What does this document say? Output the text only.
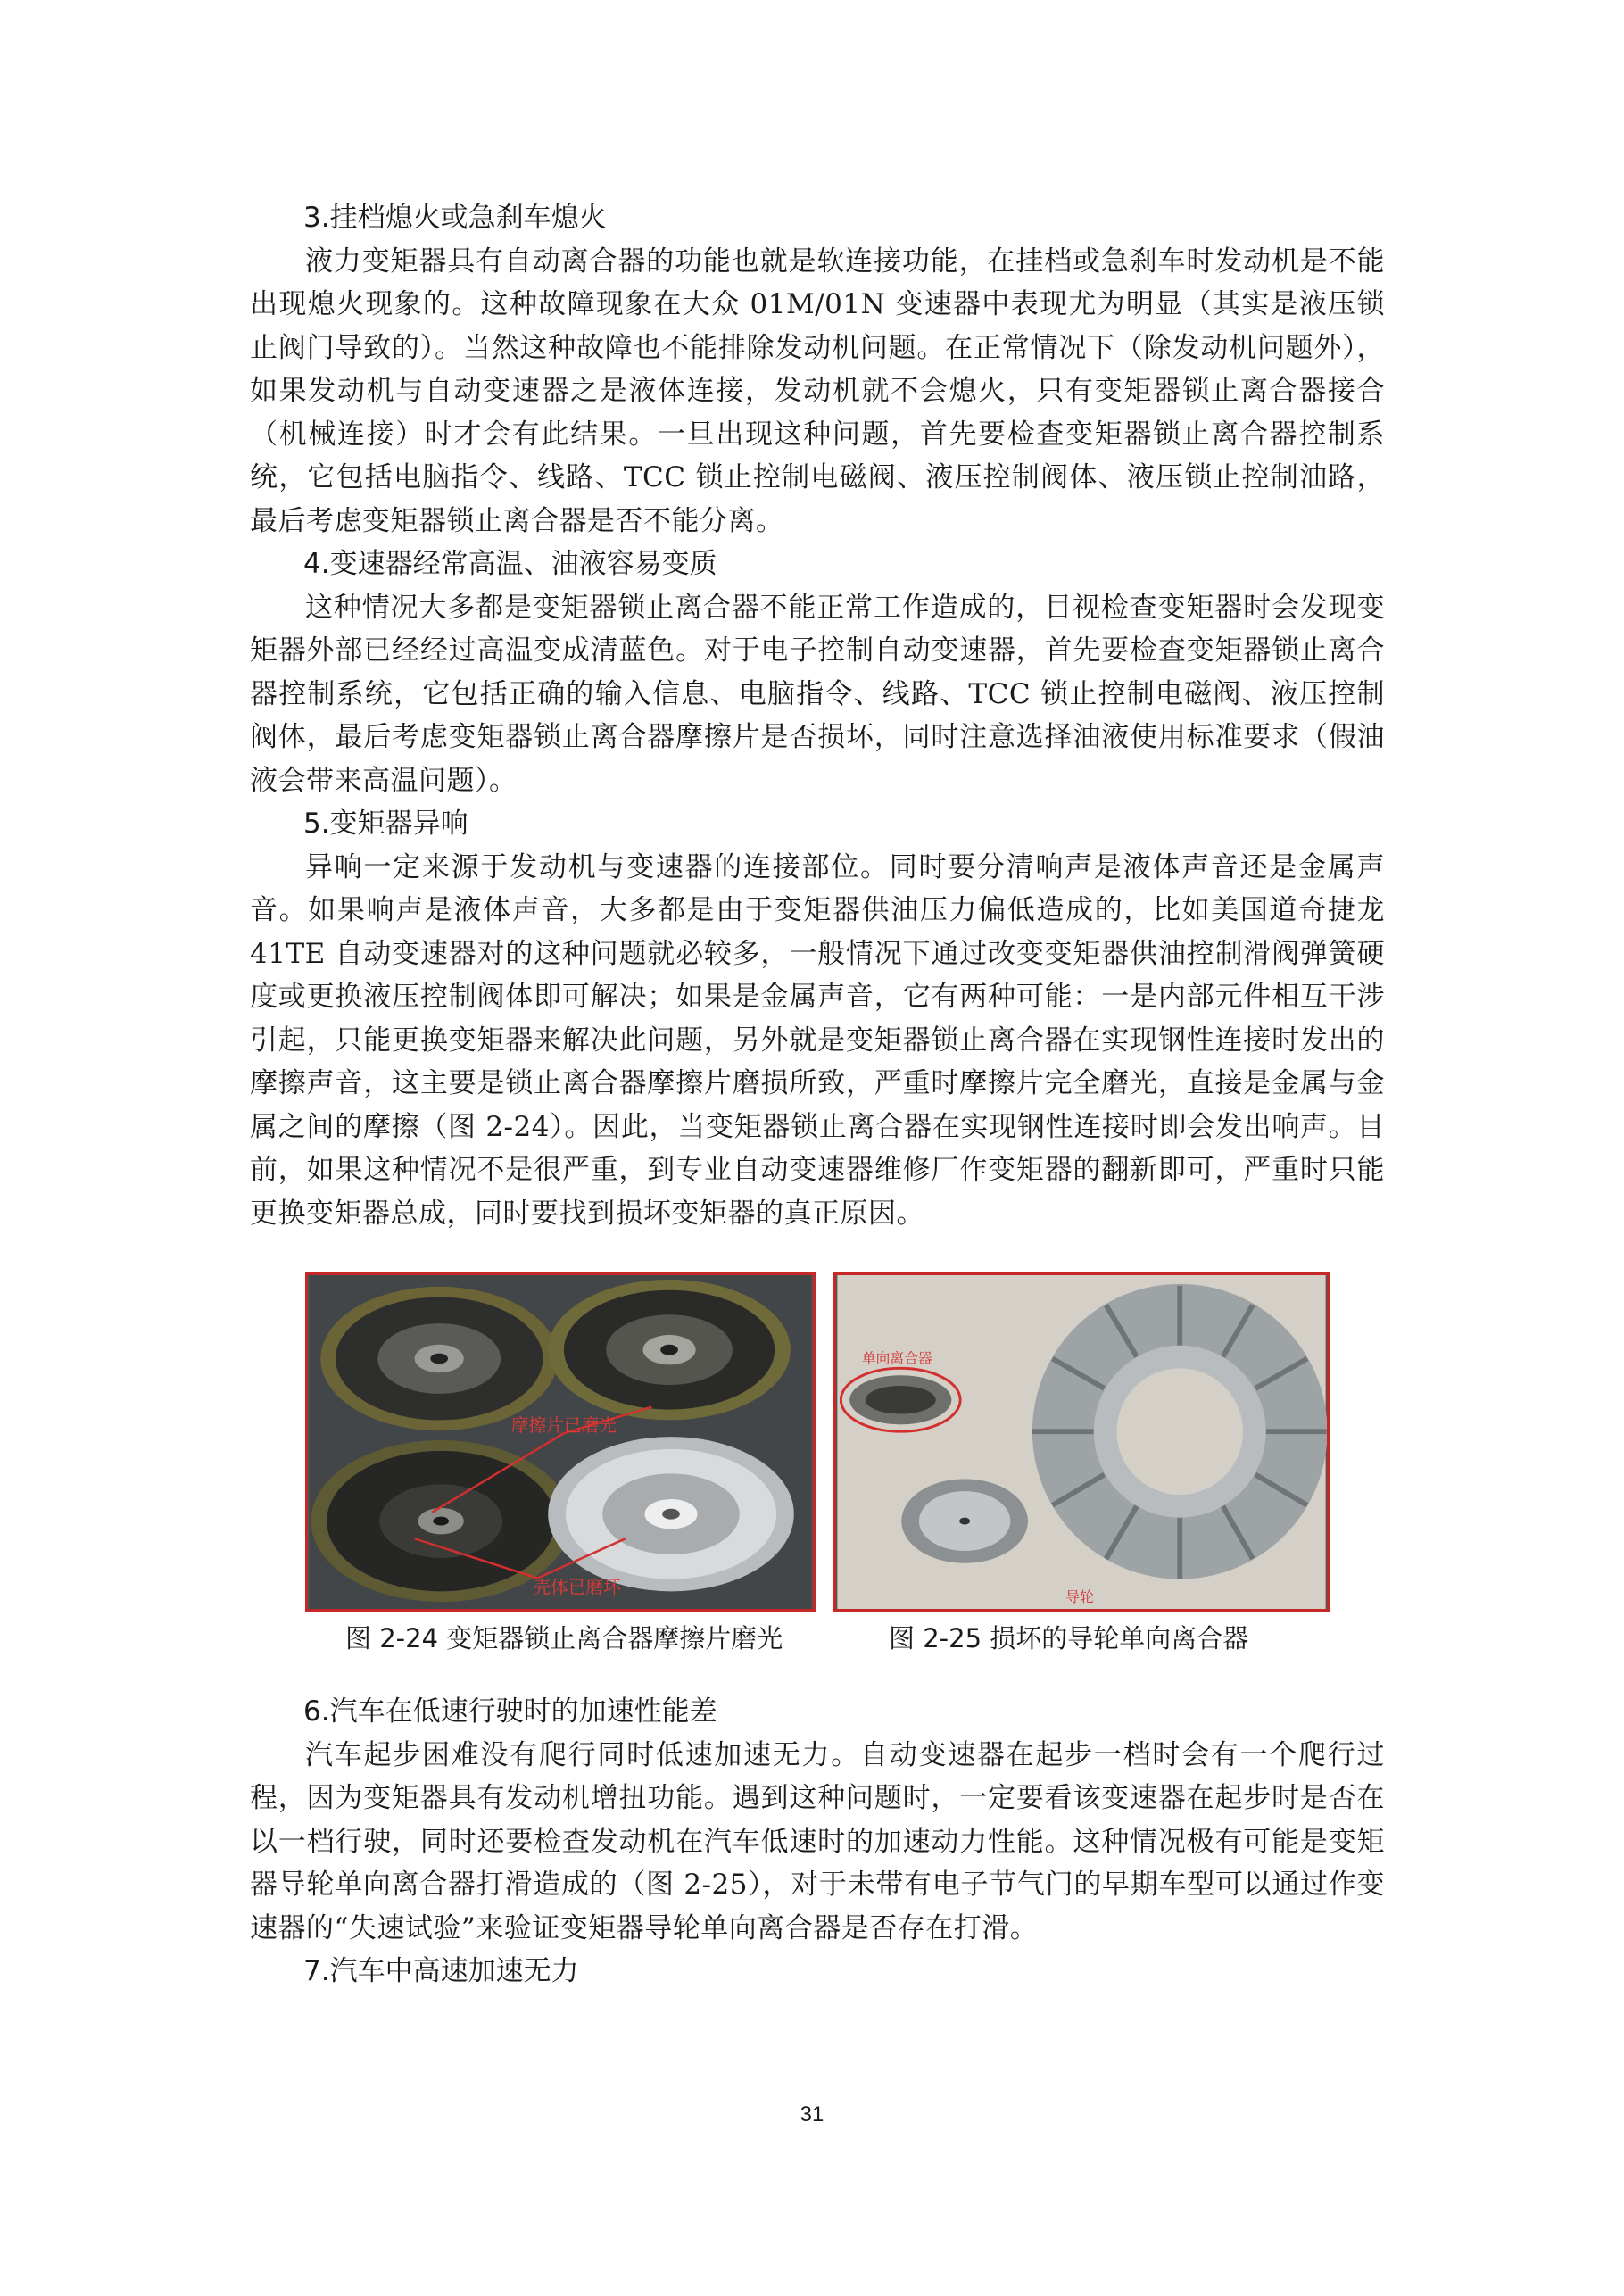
3.挂档熄火或急刹车熄火

液力变矩器具有自动离合器的功能也就是软连接功能，在挂档或急刹车时发动机是不能出现熄火现象的。这种故障现象在大众 01M/01N 变速器中表现尤为明显（其实是液压锁止阀门导致的）。当然这种故障也不能排除发动机问题。在正常情况下（除发动机问题外），如果发动机与自动变速器之是液体连接，发动机就不会熄火，只有变矩器锁止离合器接合（机械连接）时才会有此结果。一旦出现这种问题，首先要检查变矩器锁止离合器控制系统，它包括电脑指令、线路、TCC 锁止控制电磁阀、液压控制阀体、液压锁止控制油路，最后考虑变矩器锁止离合器是否不能分离。

4.变速器经常高温、油液容易变质

这种情况大多都是变矩器锁止离合器不能正常工作造成的，目视检查变矩器时会发现变矩器外部已经经过高温变成清蓝色。对于电子控制自动变速器，首先要检查变矩器锁止离合器控制系统，它包括正确的输入信息、电脑指令、线路、TCC 锁止控制电磁阀、液压控制阀体，最后考虑变矩器锁止离合器摩擦片是否损坏，同时注意选择油液使用标准要求（假油液会带来高温问题）。

5.变矩器异响

异响一定来源于发动机与变速器的连接部位。同时要分清响声是液体声音还是金属声音。如果响声是液体声音，大多都是由于变矩器供油压力偏低造成的，比如美国道奇捷龙 41TE 自动变速器对的这种问题就必较多，一般情况下通过改变变矩器供油控制滑阀弹簧硬度或更换液压控制阀体即可解决；如果是金属声音，它有两种可能：一是内部元件相互干涉引起，只能更换变矩器来解决此问题，另外就是变矩器锁止离合器在实现钢性连接时发出的摩擦声音，这主要是锁止离合器摩擦片磨损所致，严重时摩擦片完全磨光，直接是金属与金属之间的摩擦（图 2-24）。因此，当变矩器锁止离合器在实现钢性连接时即会发出响声。目前，如果这种情况不是很严重，到专业自动变速器维修厂作变矩器的翻新即可，严重时只能更换变矩器总成，同时要找到损坏变矩器的真正原因。

摩擦片已磨光
壳体已磨坏
图 2-24 变矩器锁止离合器摩擦片磨光
单向离合器
导轮
图 2-25 损坏的导轮单向离合器
6.汽车在低速行驶时的加速性能差

汽车起步困难没有爬行同时低速加速无力。自动变速器在起步一档时会有一个爬行过程，因为变矩器具有发动机增扭功能。遇到这种问题时，一定要看该变速器在起步时是否在以一档行驶，同时还要检查发动机在汽车低速时的加速动力性能。这种情况极有可能是变矩器导轮单向离合器打滑造成的（图 2-25），对于未带有电子节气门的早期车型可以通过作变速器的“失速试验”来验证变矩器导轮单向离合器是否存在打滑。

7.汽车中高速加速无力
31
